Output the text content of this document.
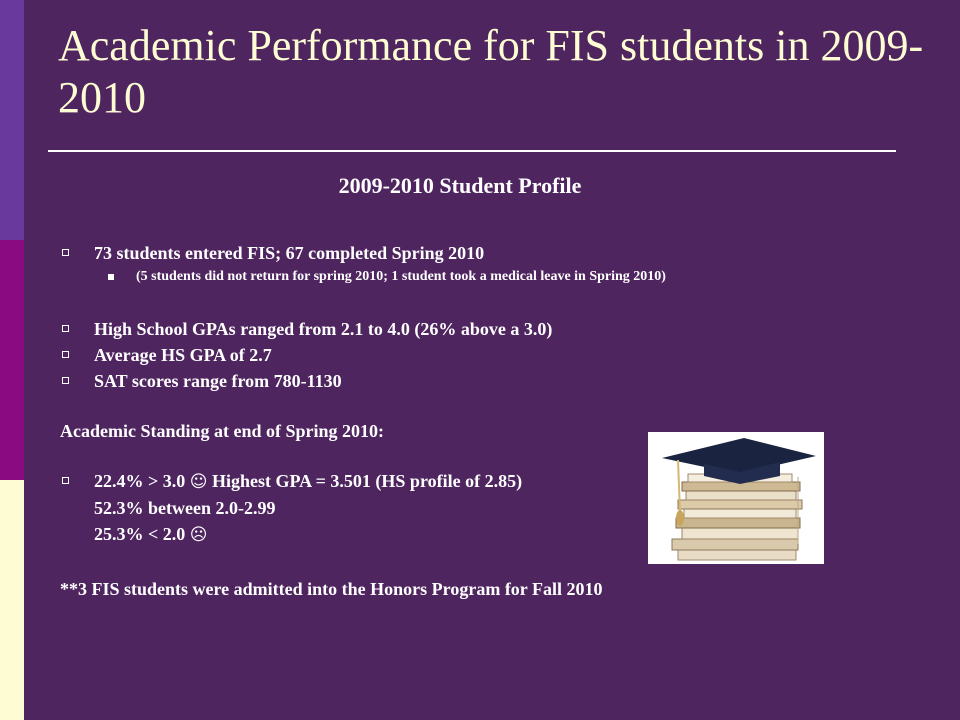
Academic Performance for FIS students in 2009-2010

2009-2010 Student Profile

73 students entered FIS; 67 completed Spring 2010

(5 students did not return for spring 2010; 1 student took a medical leave in Spring 2010)

High School GPAs ranged from 2.1 to 4.0 (26% above a 3.0)

Average HS GPA of 2.7

SAT scores range from 780-1130

Academic Standing at end of Spring 2010:

22.4% > 3.0 ☺ Highest GPA = 3.501 (HS profile of 2.85)

52.3% between 2.0-2.99

25.3% < 2.0 ☹

**3 FIS students were admitted into the Honors Program for Fall 2010
